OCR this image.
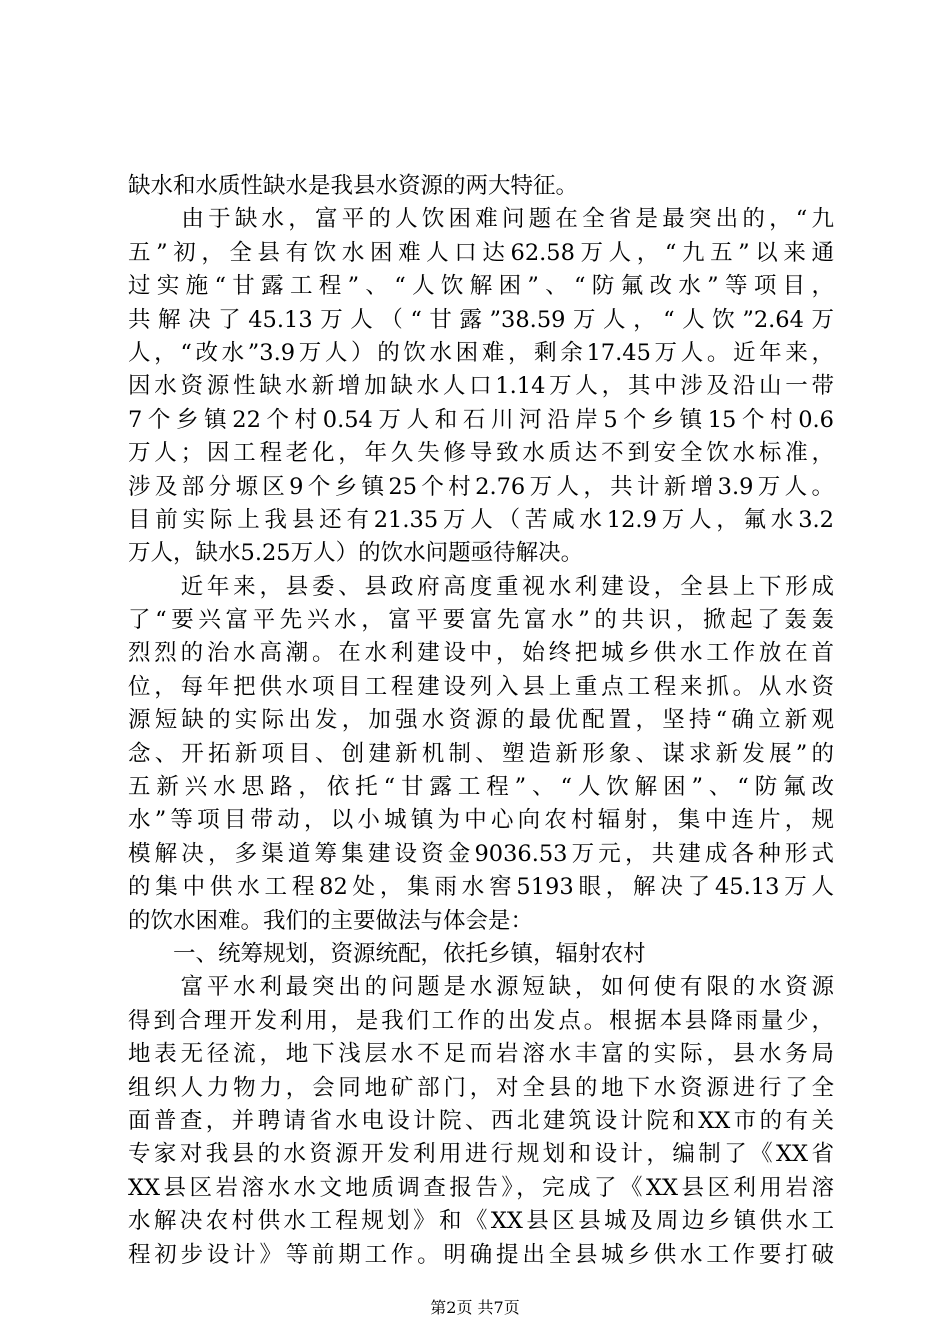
缺水和水质性缺水是我县水资源的两大特征。
　　由于缺水，富平的人饮困难问题在全省是最突出的，“九
五”初，全县有饮水困难人口达62.58万人，“九五”以来通
过实施“甘露工程”、“人饮解困”、“防氟改水”等项目，
共解决了45.13万人（“甘露”38.59万人，“人饮”2.64万
人，“改水”3.9万人）的饮水困难，剩余17.45万人。近年来，
因水资源性缺水新增加缺水人口1.14万人，其中涉及沿山一带
7个乡镇22个村0.54万人和石川河沿岸5个乡镇15个村0.6
万人；因工程老化，年久失修导致水质达不到安全饮水标准，
涉及部分塬区9个乡镇25个村2.76万人，共计新增3.9万人。
目前实际上我县还有21.35万人（苦咸水12.9万人，氟水3.2
万人，缺水5.25万人）的饮水问题亟待解决。
　　近年来，县委、县政府高度重视水利建设，全县上下形成
了“要兴富平先兴水，富平要富先富水”的共识，掀起了轰轰
烈烈的治水高潮。在水利建设中，始终把城乡供水工作放在首
位，每年把供水项目工程建设列入县上重点工程来抓。从水资
源短缺的实际出发，加强水资源的最优配置，坚持“确立新观
念、开拓新项目、创建新机制、塑造新形象、谋求新发展”的
五新兴水思路，依托“甘露工程”、“人饮解困”、“防氟改
水”等项目带动，以小城镇为中心向农村辐射，集中连片，规
模解决，多渠道筹集建设资金9036.53万元，共建成各种形式
的集中供水工程82处，集雨水窖5193眼，解决了45.13万人
的饮水困难。我们的主要做法与体会是：
　　一、统筹规划，资源统配，依托乡镇，辐射农村
　　富平水利最突出的问题是水源短缺，如何使有限的水资源
得到合理开发利用，是我们工作的出发点。根据本县降雨量少，
地表无径流，地下浅层水不足而岩溶水丰富的实际，县水务局
组织人力物力，会同地矿部门，对全县的地下水资源进行了全
面普查，并聘请省水电设计院、西北建筑设计院和XX市的有关
专家对我县的水资源开发利用进行规划和设计，编制了《XX省
XX县区岩溶水水文地质调查报告》，完成了《XX县区利用岩溶
水解决农村供水工程规划》和《XX县区县城及周边乡镇供水工
程初步设计》等前期工作。明确提出全县城乡供水工作要打破
第2页 共7页
